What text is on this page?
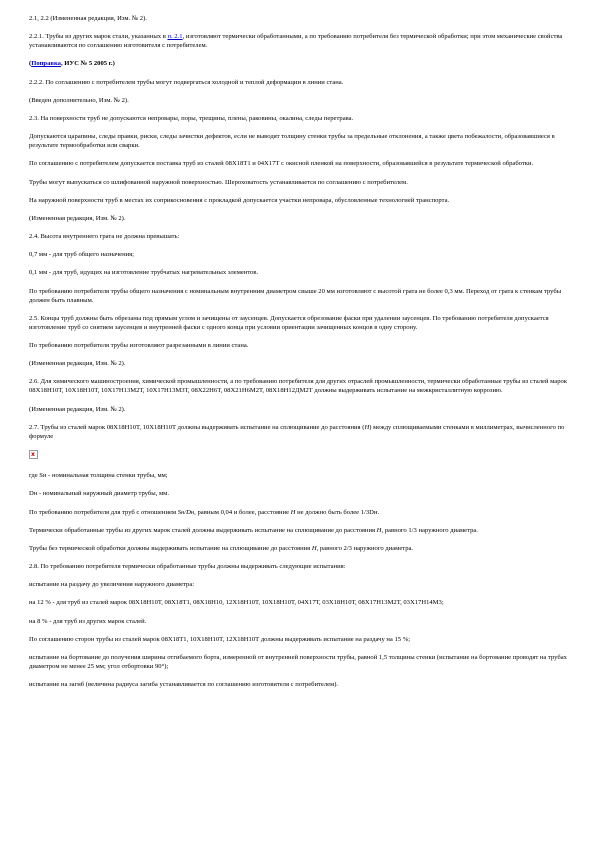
2.1, 2.2 (Измененная редакция, Изм. № 2).

2.2.1. Трубы из других марок стали, указанных в п. 2.1, изготовляют термически обработанными, а по требованию потребителя без термической обработки; при этом механические свойства устанавливаются по соглашению изготовителя с потребителем.

(Поправка, ИУС № 5 2005 г.)

2.2.2. По соглашению с потребителем трубы могут подвергаться холодной и теплой деформации в линии стана.

(Введен дополнительно, Изм. № 2).

2.3. На поверхности труб не допускаются непровары, поры, трещины, плены, раковины, окалина, следы перетрава.

Допускаются царапины, следы правки, риски, следы зачистки дефектов, если не выводят толщину стенки трубы за предельные отклонения, а также цвета побежалости, образовавшиеся в результате термообработки или сварки.

По соглашению с потребителем допускается поставка труб из сталей 08Х18Т1 и 04Х17Т с окисной пленкой на поверхности, образовавшейся в результате термической обработки.

Трубы могут выпускаться со шлифованной наружной поверхностью. Шероховатость устанавливается по соглашению с потребителем.

На наружной поверхности труб в местах их соприкосновения с прокладкой допускается участки непровара, обусловленные технологией транспорта.

(Измененная редакция, Изм. № 2).

2.4. Высота внутреннего грата не должна превышать:

0,7 мм - для труб общего назначения;

0,1 мм - для труб, идущих на изготовление трубчатых нагревательных элементов.

По требованию потребителя трубы общего назначения с номинальным внутренним диаметром свыше 20 мм изготовляют с высотой грата не более 0,3 мм. Переход от грата к стенкам трубы должен быть плавным.

2.5. Концы труб должны быть обрезаны под прямым углом и зачищены от заусенцев. Допускается обрезование фаски при удалении заусенцев. По требованию потребителя допускается изготовление труб со снятием заусенцев и внутренней фаски с одного конца при условии ориентации зачищенных концов в одну сторону.

По требованию потребителя трубы изготовляют разрезанными в линии стана.

(Измененная редакция, Изм. № 2).

2.6. Для химического машиностроения, химической промышленности, а по требованию потребителя для других отраслей промышленности, термически обработанные трубы из сталей марок 08Х18Н10Т, 10Х18Н10Т, 10Х17Н13М2Т, 10Х17Н13М3Т, 08Х22Н6Т, 08Х21Н6М2Т, 08Х18Н12ДМ2Т должны выдерживать испытание на межкристаллитную коррозию.

(Измененная редакция, Изм. № 2).

2.7. Трубы из сталей марок 08Х18Н10Т, 10Х18Н10Т должны выдерживать испытание на сплющивание до расстояния (H) между сплющиваемыми стенками в миллиметрах, вычисленного по формуле

x

где Sн - номинальная толщина стенки трубы, мм;

Dн - номинальный наружный диаметр трубы, мм.

По требованию потребителя для труб с отношением Sн/Dн, равным 0,04 и более, расстояние H не должно быть более 1/3Dн.

Термически обработанные трубы из других марок сталей должны выдерживать испытание на сплющивание до расстояния H, равного 1/3 наружного диаметра.

Трубы без термической обработки должны выдерживать испытание на сплющивание до расстояния H, равного 2/3 наружного диаметра.

2.8. По требованию потребителя термически обработанные трубы должны выдерживать следующие испытания:

испытание на раздачу до увеличения наружного диаметра:

на 12 % - для труб из сталей марок 08Х18Н10Т, 08Х18Т1, 08Х18Н10, 12Х18Н10Т, 10Х18Н10Т, 04Х17Т, 03Х18Н10Т, 08Х17Н13М2Т, 03Х17Н14М3;

на 8 % - для труб из других марок сталей.

По соглашению сторон трубы из сталей марок 08Х18Т1, 10Х18Н10Т, 12Х18Н10Т должны выдерживать испытание на раздачу на 15 %;

испытание на бортование до получения ширины отгибаемого борта, измеренной от внутренней поверхности трубы, равной 1,5 толщины стенки (испытание на бортование проводят на трубах диаметром не менее 25 мм; угол отбортовки 90°);

испытание на загиб (величина радиуса загиба устанавливается по соглашению изготовителя с потребителем).
